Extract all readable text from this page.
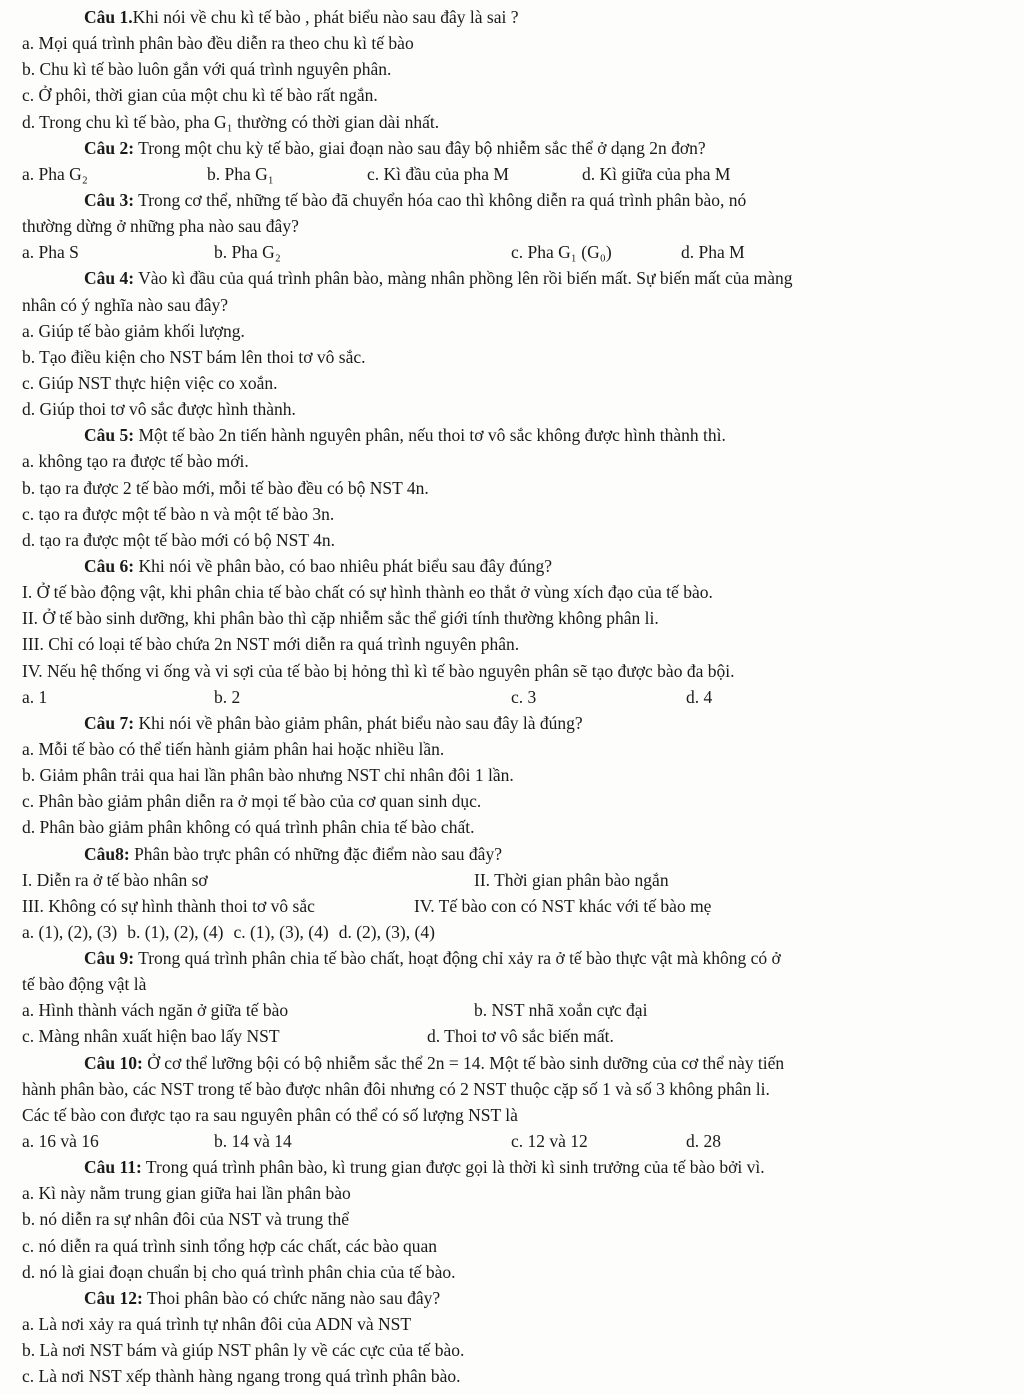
Câu 1.Khi nói về chu kì tế bào , phát biểu nào sau đây là sai ?
a. Mọi quá trình phân bào đều diễn ra theo chu kì tế bào
b. Chu kì tế bào luôn gắn với quá trình nguyên phân.
c. Ở phôi, thời gian của một chu kì tế bào rất ngắn.
d. Trong chu kì tế bào, pha G₁ thường có thời gian dài nhất.
Câu 2: Trong một chu kỳ tế bào, giai đoạn nào sau đây bộ nhiễm sắc thể ở dạng 2n đơn?
a. Pha G₂	b. Pha G₁	c. Kì đầu của pha M	d. Kì giữa của pha M
Câu 3: Trong cơ thể, những tế bào đã chuyển hóa cao thì không diễn ra quá trình phân bào, nó
thường dừng ở những pha nào sau đây?
a. Pha S	b. Pha G₂	c. Pha G₁ (G₀)	d. Pha M
Câu 4: Vào kì đầu của quá trình phân bào, màng nhân phồng lên rồi biến mất. Sự biến mất của màng
nhân có ý nghĩa nào sau đây?
a. Giúp tế bào giảm khối lượng.
b. Tạo điều kiện cho NST bám lên thoi tơ vô sắc.
c. Giúp NST thực hiện việc co xoắn.
d. Giúp thoi tơ vô sắc được hình thành.
Câu 5: Một tế bào 2n tiến hành nguyên phân, nếu thoi tơ vô sắc không được hình thành thì.
a. không tạo ra được tế bào mới.
b. tạo ra được 2 tế bào mới, mỗi tế bào đều có bộ NST 4n.
c. tạo ra được một tế bào n và một tế bào 3n.
d. tạo ra được một tế bào mới có bộ NST 4n.
Câu 6: Khi nói về phân bào, có bao nhiêu phát biểu sau đây đúng?
I. Ở tế bào động vật, khi phân chia tế bào chất có sự hình thành eo thắt ở vùng xích đạo của tế bào.
II. Ở tế bào sinh dưỡng, khi phân bào thì cặp nhiễm sắc thể giới tính thường không phân li.
III. Chỉ có loại tế bào chứa 2n NST mới diễn ra quá trình nguyên phân.
IV. Nếu hệ thống vi ống và vi sợi của tế bào bị hỏng thì kì tế bào nguyên phân sẽ tạo được bào đa bội.
a. 1	b. 2	c. 3	d. 4
Câu 7: Khi nói về phân bào giảm phân, phát biểu nào sau đây là đúng?
a. Mỗi tế bào có thể tiến hành giảm phân hai hoặc nhiều lần.
b. Giảm phân trải qua hai lần phân bào nhưng NST chỉ nhân đôi 1 lần.
c. Phân bào giảm phân diễn ra ở mọi tế bào của cơ quan sinh dục.
d. Phân bào giảm phân không có quá trình phân chia tế bào chất.
Câu8: Phân bào trực phân có những đặc điểm nào sau đây?
I. Diễn ra ở tế bào nhân sơ	II. Thời gian phân bào ngắn
III. Không có sự hình thành thoi tơ vô sắc	IV. Tế bào con có NST khác với tế bào mẹ
a. (1), (2), (3) b. (1), (2), (4) c. (1), (3), (4) d. (2), (3), (4)
Câu 9: Trong quá trình phân chia tế bào chất, hoạt động chỉ xảy ra ở tế bào thực vật mà không có ở
tế bào động vật là
a. Hình thành vách ngăn ở giữa tế bào	b. NST nhã xoắn cực đại
c. Màng nhân xuất hiện bao lấy NST	d. Thoi tơ vô sắc biến mất.
Câu 10: Ở cơ thể lưỡng bội có bộ nhiễm sắc thể 2n = 14. Một tế bào sinh dưỡng của cơ thể này tiến
hành phân bào, các NST trong tế bào được nhân đôi nhưng có 2 NST thuộc cặp số 1 và số 3 không phân li.
Các tế bào con được tạo ra sau nguyên phân có thể có số lượng NST là
a. 16 và 16	b. 14 và 14	c. 12 và 12	d. 28
Câu 11: Trong quá trình phân bào, kì trung gian được gọi là thời kì sinh trưởng của tế bào bởi vì.
a. Kì này nằm trung gian giữa hai lần phân bào
b. nó diễn ra sự nhân đôi của NST và trung thể
c. nó diễn ra quá trình sinh tổng hợp các chất, các bào quan
d. nó là giai đoạn chuẩn bị cho quá trình phân chia của tế bào.
Câu 12: Thoi phân bào có chức năng nào sau đây?
a. Là nơi xảy ra quá trình tự nhân đôi của ADN và NST
b. Là nơi NST bám và giúp NST phân ly về các cực của tế bào.
c. Là nơi NST xếp thành hàng ngang trong quá trình phân bào.
